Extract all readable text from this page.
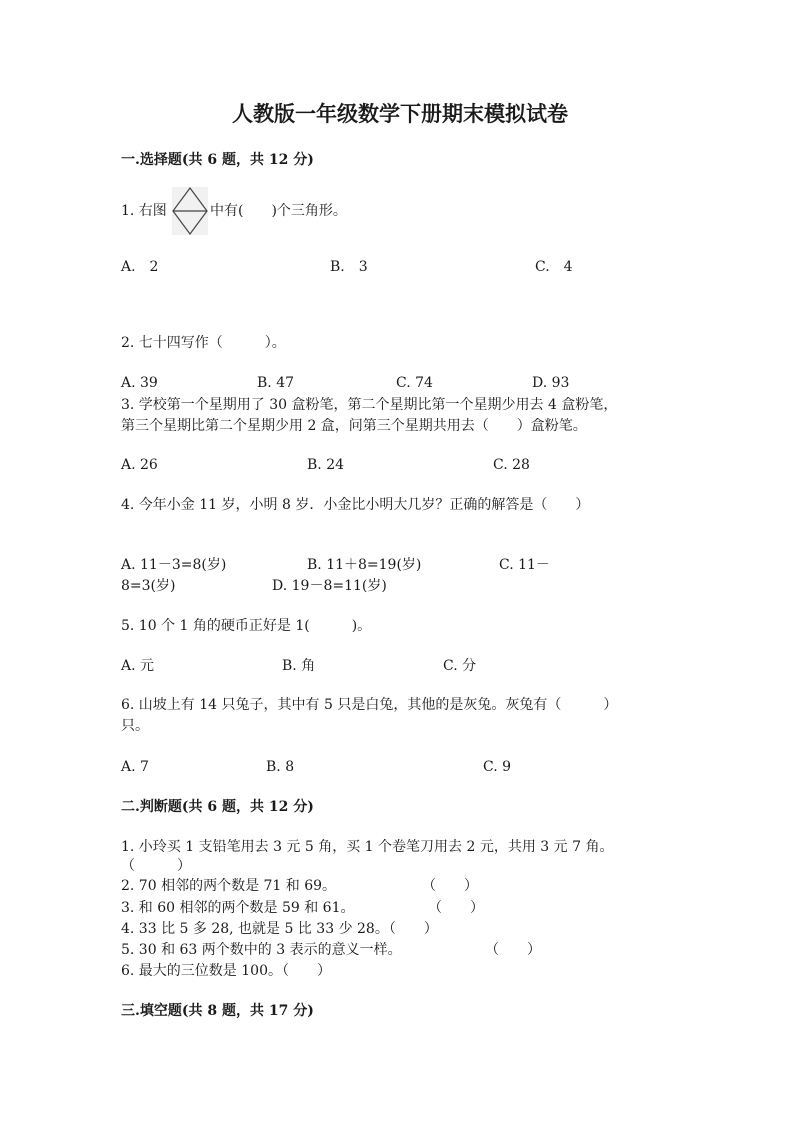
人教版一年级数学下册期末模拟试卷
一.选择题(共 6 题，共 12 分)
1. 右图	中有(　　)个三角形。
A.　2	B.　3	C.　4
2. 七十四写作（　　　）。
A. 39	B. 47	C. 74	D. 93
3. 学校第一个星期用了 30 盒粉笔，第二个星期比第一个星期少用去 4 盒粉笔，
第三个星期比第二个星期少用 2 盒，问第三个星期共用去（　　）盒粉笔。
A. 26	B. 24	C. 28
4. 今年小金 11 岁，小明 8 岁．小金比小明大几岁？正确的解答是（　　）
A. 11－3=8(岁)	B. 11＋8=19(岁)	C. 11－
8=3(岁)	D. 19－8=11(岁)
5. 10 个 1 角的硬币正好是 1(　　　)。
A. 元	B. 角	C. 分
6. 山坡上有 14 只兔子，其中有 5 只是白兔，其他的是灰兔。灰兔有（　　　）
只。
A. 7	B. 8	C. 9
二.判断题(共 6 题，共 12 分)
1. 小玲买 1 支铅笔用去 3 元 5 角，买 1 个卷笔刀用去 2 元，共用 3 元 7 角。
（　　　）
2. 70 相邻的两个数是 71 和 69。	（　　）
3. 和 60 相邻的两个数是 59 和 61。	（　　）
4. 33 比 5 多 28, 也就是 5 比 33 少 28。（　　）
5. 30 和 63 两个数中的 3 表示的意义一样。	（　　）
6. 最大的三位数是 100。（　　）
三.填空题(共 8 题，共 17 分)
